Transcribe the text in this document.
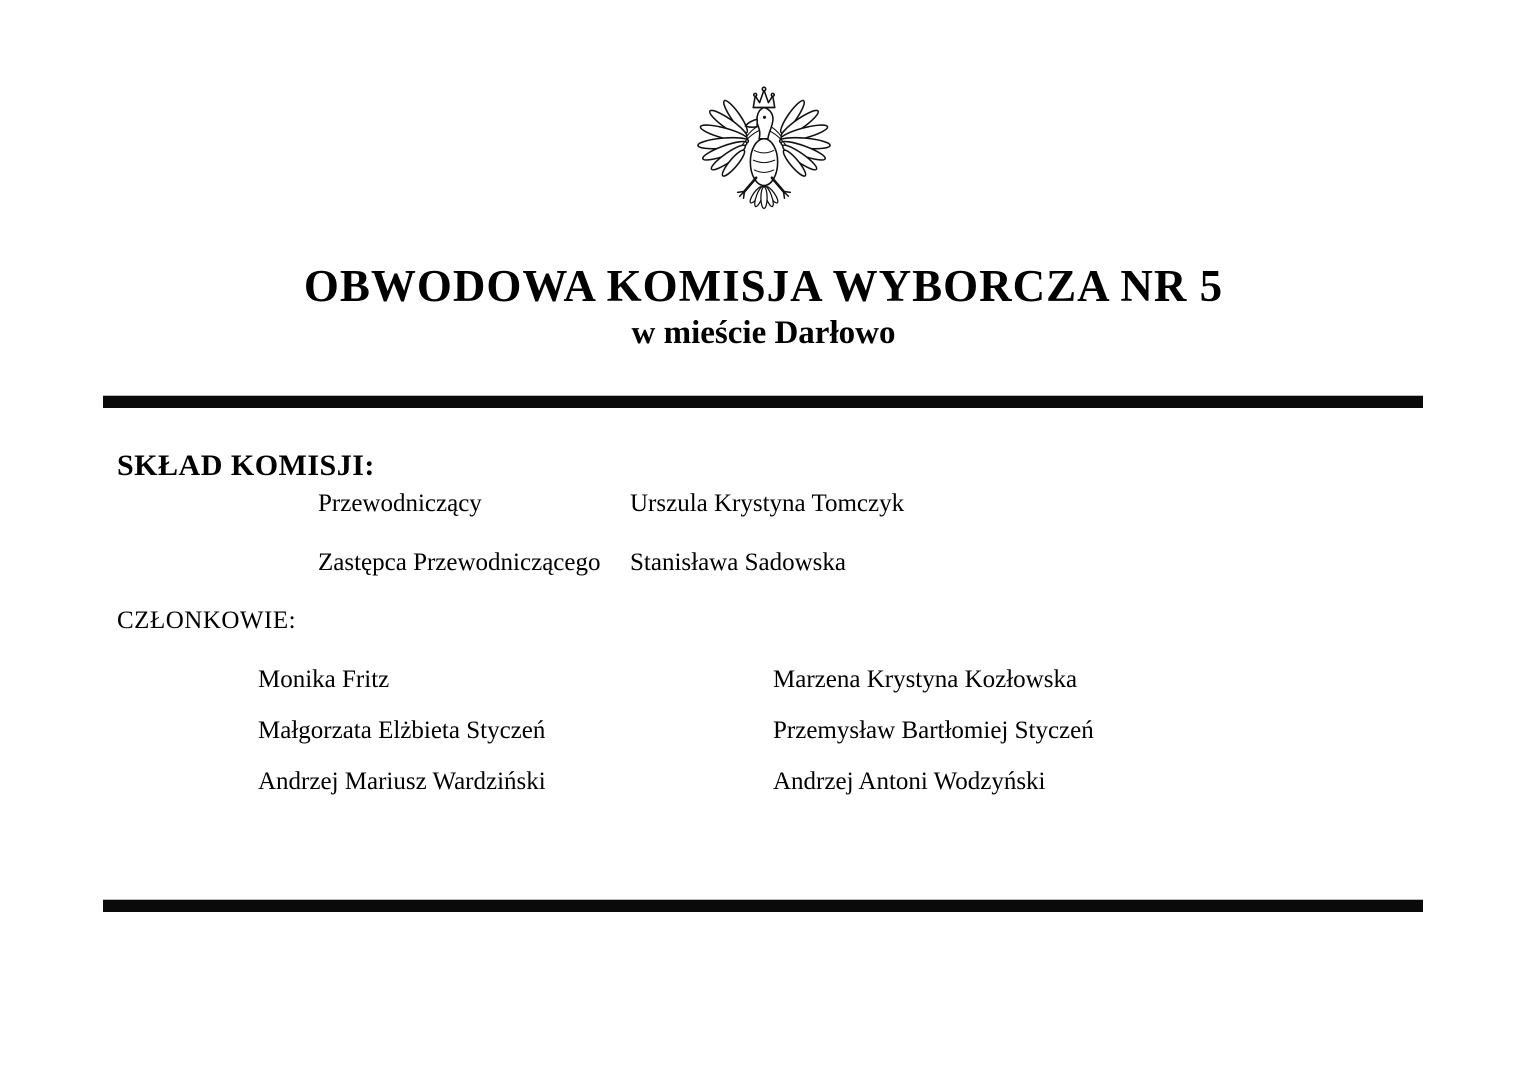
OBWODOWA KOMISJA WYBORCZA NR 5
w mieście Darłowo
SKŁAD KOMISJI:
Przewodniczący	Urszula Krystyna Tomczyk
Zastępca Przewodniczącego Stanisława Sadowska
CZŁONKOWIE:
Monika Fritz
Małgorzata Elżbieta Styczeń
Andrzej Mariusz Wardziński
Marzena Krystyna Kozłowska
Przemysław Bartłomiej Styczeń
Andrzej Antoni Wodzyński
